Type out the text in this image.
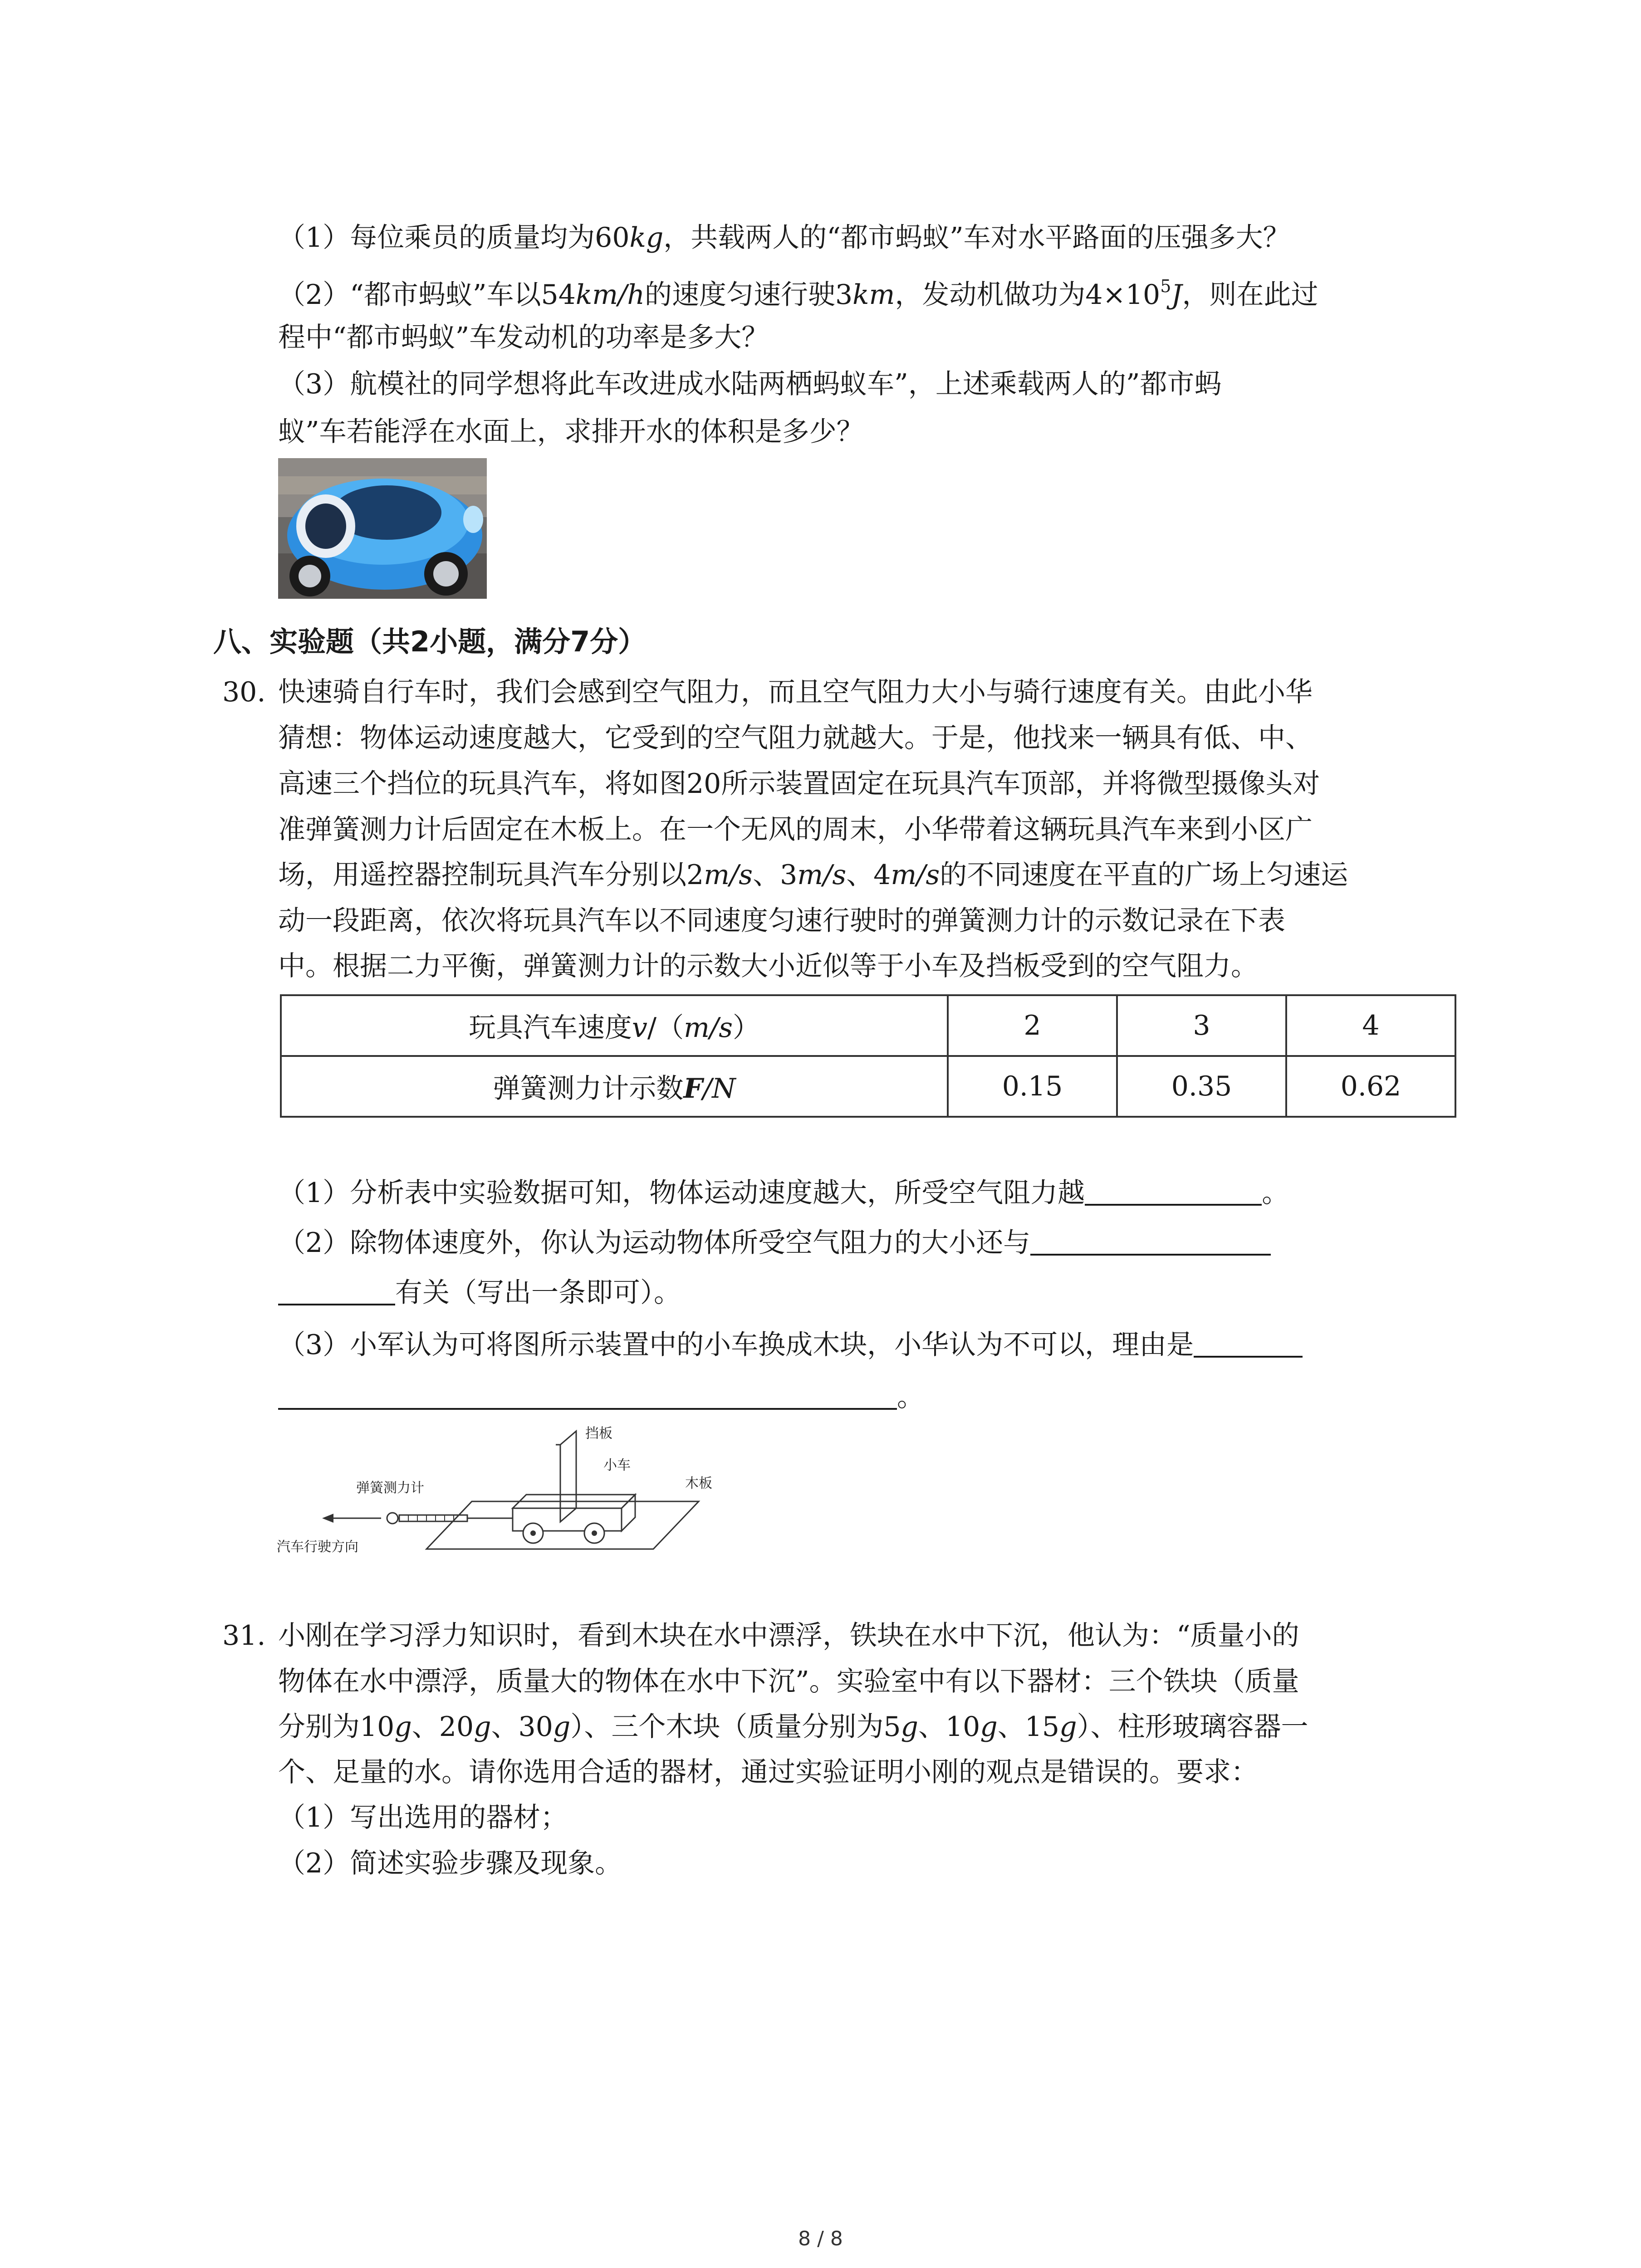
（1）每位乘员的质量均为60kg，共载两人的“都市蚂蚁”车对水平路面的压强多大？
（2）“都市蚂蚁”车以54km/h的速度匀速行驶3km，发动机做功为$4\times 10^5J$，则在此过
程中“都市蚂蚁”车发动机的功率是多大？
（3）航模社的同学想将此车改进成水陆两栖蚂蚁车”，上述乘载两人的”都市蚂
蚁”车若能浮在水面上，求排开水的体积是多少？
八、实验题（共2小题，满分7分）
30. 快速骑自行车时，我们会感到空气阻力，而且空气阻力大小与骑行速度有关。由此小华
猜想：物体运动速度越大，它受到的空气阻力就越大。于是，他找来一辆具有低、中、
高速三个挡位的玩具汽车，将如图20所示装置固定在玩具汽车顶部，并将微型摄像头对
准弹簧测力计后固定在木板上。在一个无风的周末，小华带着这辆玩具汽车来到小区广
场，用遥控器控制玩具汽车分别以2m/s、3m/s、4m/s的不同速度在平直的广场上匀速运
动一段距离，依次将玩具汽车以不同速度匀速行驶时的弹簧测力计的示数记录在下表
中。根据二力平衡，弹簧测力计的示数大小近似等于小车及挡板受到的空气阻力。
玩具汽车速度v/（m/s）	2	3	4
弹簧测力计示数F/N	0.15	0.35	0.62
（1）分析表中实验数据可知，物体运动速度越大，所受空气阻力越	。
（2）除物体速度外，你认为运动物体所受空气阻力的大小还与
有关（写出一条即可）。
（3）小军认为可将图所示装置中的小车换成木块，小华认为不可以，理由是
。
挡板
弹簧测力计
小车
木板
汽车行驶方向
31. 小刚在学习浮力知识时，看到木块在水中漂浮，铁块在水中下沉，他认为：“质量小的
物体在水中漂浮，质量大的物体在水中下沉”。实验室中有以下器材：三个铁块（质量
分别为10g、20g、30g）、三个木块（质量分别为5g、10g、15g）、柱形玻璃容器一
个、足量的水。请你选用合适的器材，通过实验证明小刚的观点是错误的。要求：
（1）写出选用的器材；
（2）简述实验步骤及现象。
8 / 8
